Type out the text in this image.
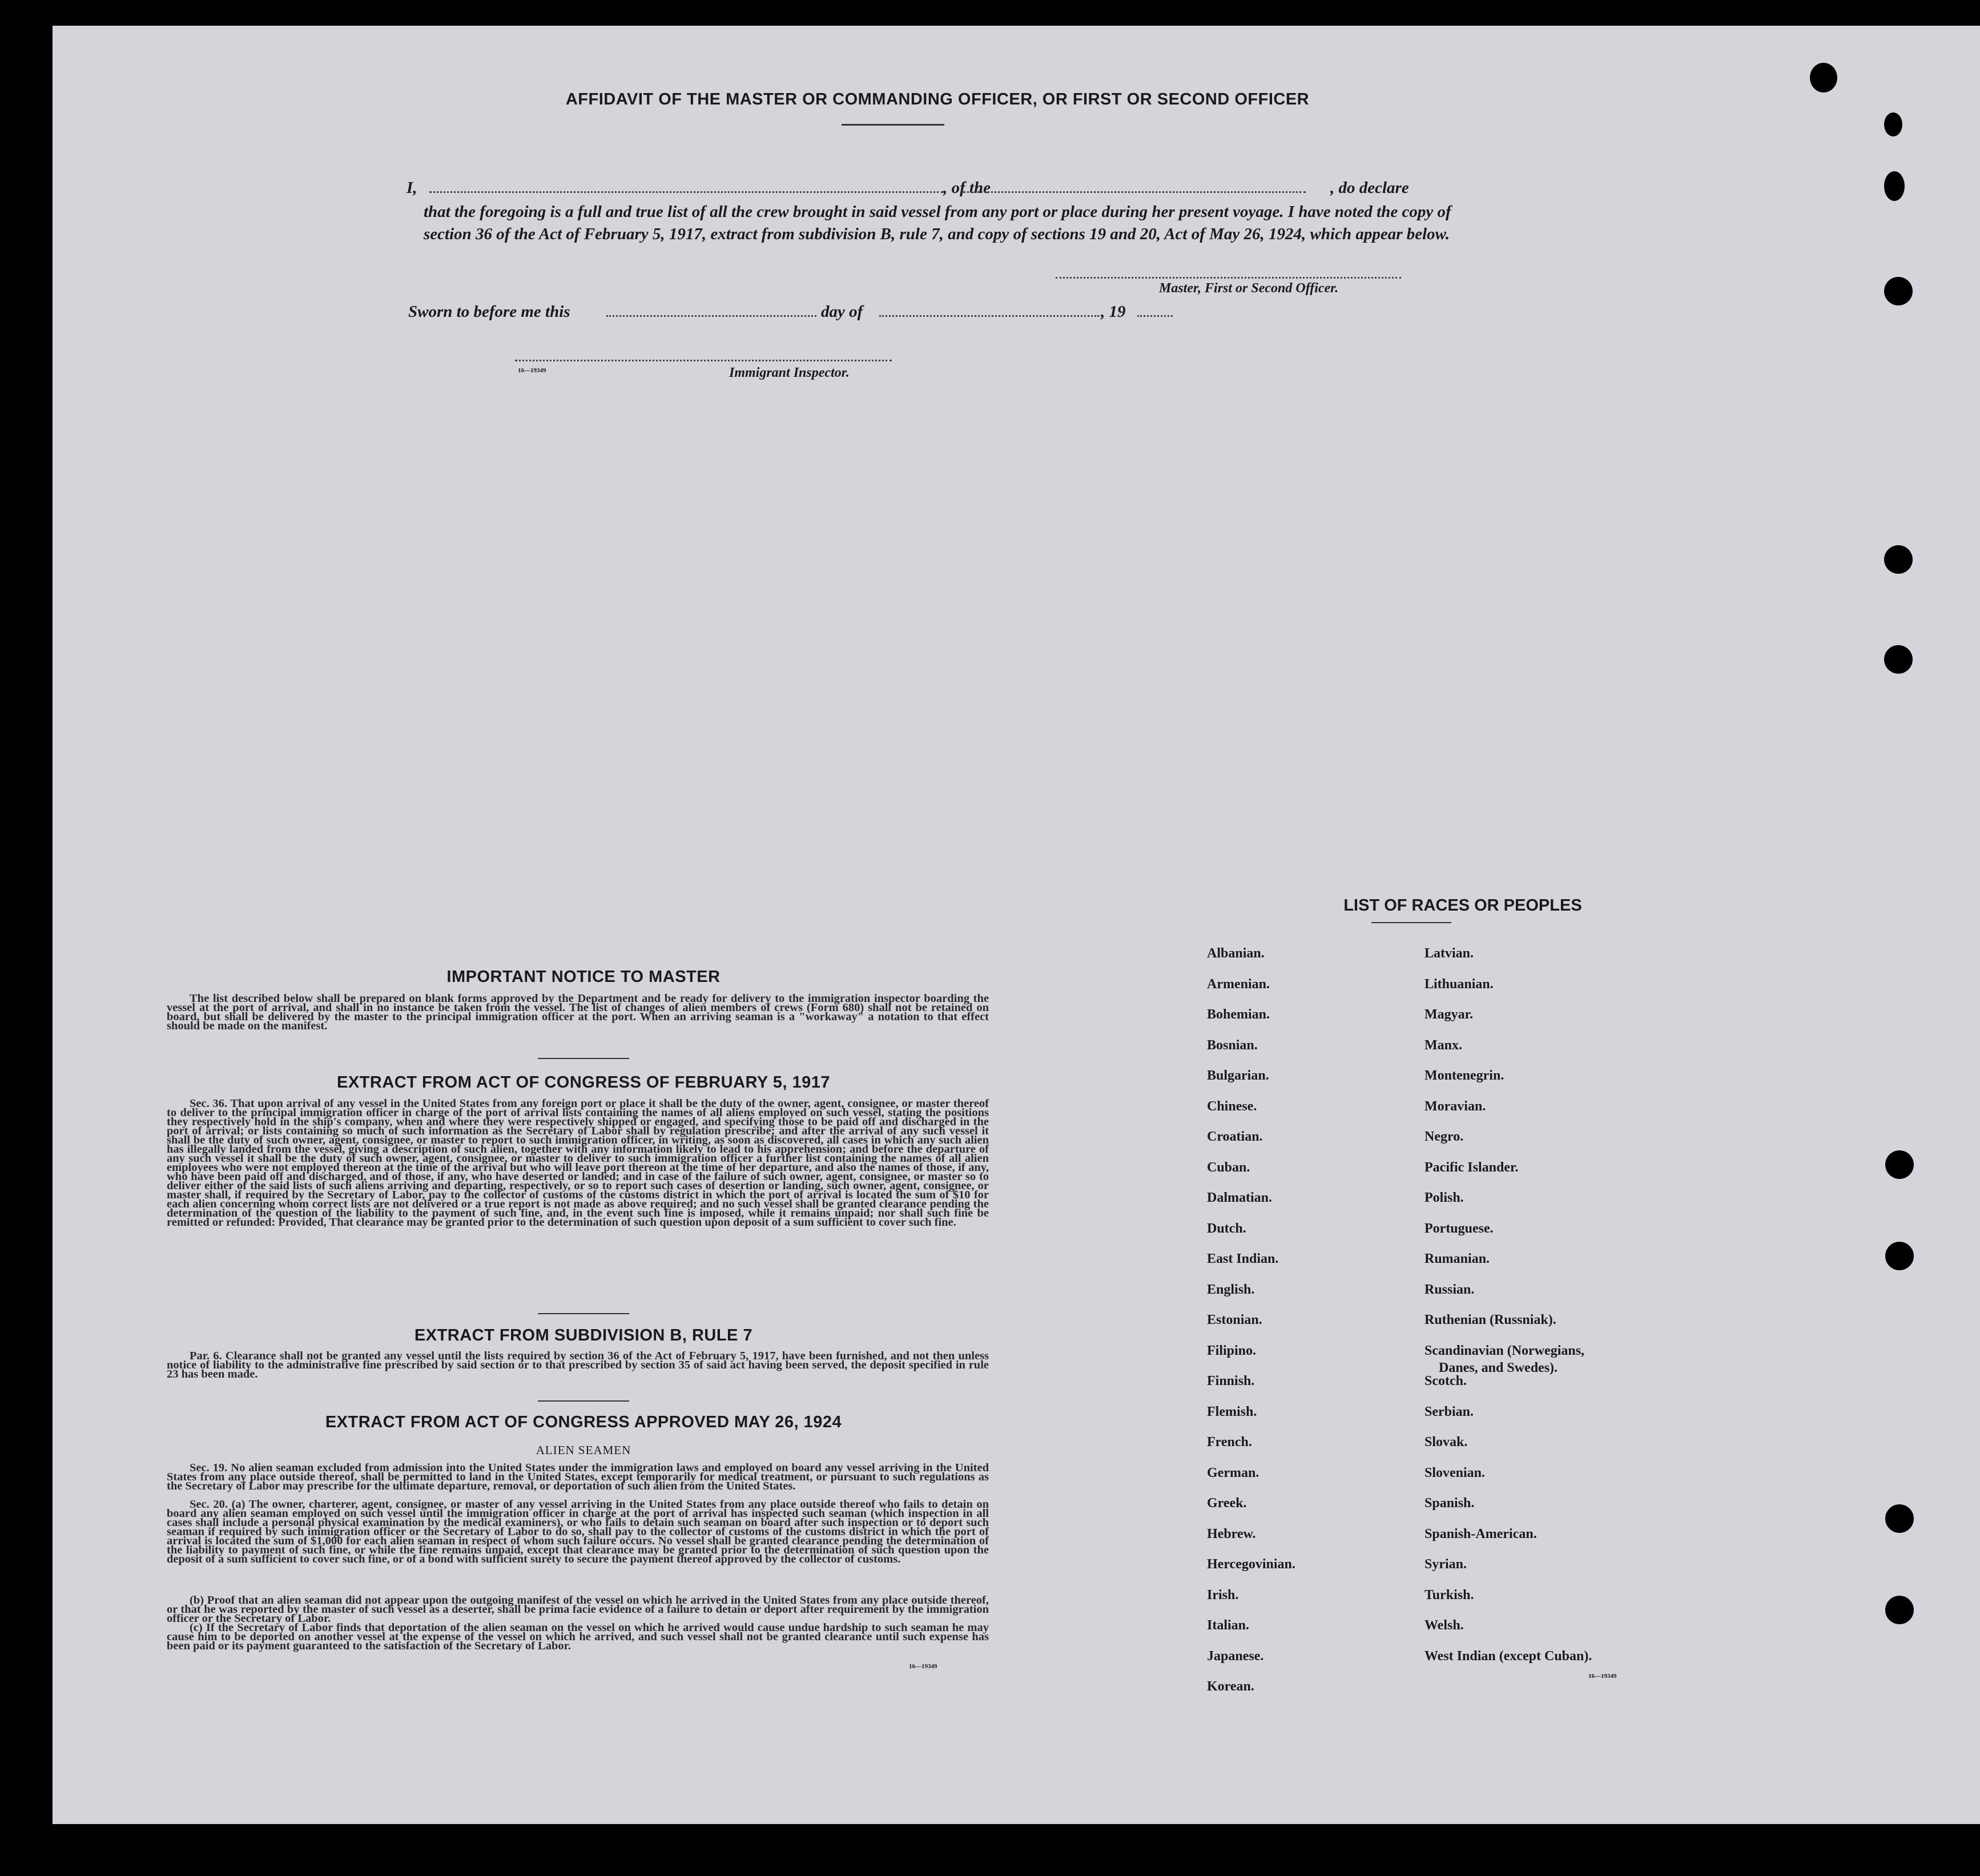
AFFIDAVIT OF THE MASTER OR COMMANDING OFFICER, OR FIRST OR SECOND OFFICER
I,	, of the	, do declare
that the foregoing is a full and true list of all the crew brought in said vessel from any port or place during her present voyage. I have noted the copy of section 36 of the Act of February 5, 1917, extract from subdivision B, rule 7, and copy of sections 19 and 20, Act of May 26, 1924, which appear below.
Master, First or Second Officer.
Sworn to before me this	day of	, 19
16—19349	Immigrant Inspector.
IMPORTANT NOTICE TO MASTER
The list described below shall be prepared on blank forms approved by the Department and be ready for delivery to the immigration inspector boarding the vessel at the port of arrival, and shall in no instance be taken from the vessel. The list of changes of alien members of crews (Form 680) shall not be retained on board, but shall be delivered by the master to the principal immigration officer at the port. When an arriving seaman is a "workaway" a notation to that effect should be made on the manifest.
EXTRACT FROM ACT OF CONGRESS OF FEBRUARY 5, 1917
Sec. 36. That upon arrival of any vessel in the United States from any foreign port or place it shall be the duty of the owner, agent, consignee, or master thereof to deliver to the principal immigration officer in charge of the port of arrival lists containing the names of all aliens employed on such vessel, stating the positions they respectively hold in the ship's company, when and where they were respectively shipped or engaged, and specifying those to be paid off and discharged in the port of arrival; or lists containing so much of such information as the Secretary of Labor shall by regulation prescribe; and after the arrival of any such vessel it shall be the duty of such owner, agent, consignee, or master to report to such immigration officer, in writing, as soon as discovered, all cases in which any such alien has illegally landed from the vessel, giving a description of such alien, together with any information likely to lead to his apprehension; and before the departure of any such vessel it shall be the duty of such owner, agent, consignee, or master to deliver to such immigration officer a further list containing the names of all alien employees who were not employed thereon at the time of the arrival but who will leave port thereon at the time of her departure, and also the names of those, if any, who have been paid off and discharged, and of those, if any, who have deserted or landed; and in case of the failure of such owner, agent, consignee, or master so to deliver either of the said lists of such aliens arriving and departing, respectively, or so to report such cases of desertion or landing, such owner, agent, consignee, or master shall, if required by the Secretary of Labor, pay to the collector of customs of the customs district in which the port of arrival is located the sum of $10 for each alien concerning whom correct lists are not delivered or a true report is not made as above required; and no such vessel shall be granted clearance pending the determination of the question of the liability to the payment of such fine, and, in the event such fine is imposed, while it remains unpaid; nor shall such fine be remitted or refunded: Provided, That clearance may be granted prior to the determination of such question upon deposit of a sum sufficient to cover such fine.
EXTRACT FROM SUBDIVISION B, RULE 7
Par. 6. Clearance shall not be granted any vessel until the lists required by section 36 of the Act of February 5, 1917, have been furnished, and not then unless notice of liability to the administrative fine prescribed by said section or to that prescribed by section 35 of said act having been served, the deposit specified in rule 23 has been made.
EXTRACT FROM ACT OF CONGRESS APPROVED MAY 26, 1924
ALIEN SEAMEN
Sec. 19. No alien seaman excluded from admission into the United States under the immigration laws and employed on board any vessel arriving in the United States from any place outside thereof, shall be permitted to land in the United States, except temporarily for medical treatment, or pursuant to such regulations as the Secretary of Labor may prescribe for the ultimate departure, removal, or deportation of such alien from the United States.
Sec. 20. (a) The owner, charterer, agent, consignee, or master of any vessel arriving in the United States from any place outside thereof who fails to detain on board any alien seaman employed on such vessel until the immigration officer in charge at the port of arrival has inspected such seaman (which inspection in all cases shall include a personal physical examination by the medical examiners), or who fails to detain such seaman on board after such inspection or to deport such seaman if required by such immigration officer or the Secretary of Labor to do so, shall pay to the collector of customs of the customs district in which the port of arrival is located the sum of $1,000 for each alien seaman in respect of whom such failure occurs. No vessel shall be granted clearance pending the determination of the liability to payment of such fine, or while the fine remains unpaid, except that clearance may be granted prior to the determination of such question upon the deposit of a sum sufficient to cover such fine, or of a bond with sufficient surety to secure the payment thereof approved by the collector of customs.
(b) Proof that an alien seaman did not appear upon the outgoing manifest of the vessel on which he arrived in the United States from any place outside thereof, or that he was reported by the master of such vessel as a deserter, shall be prima facie evidence of a failure to detain or deport after requirement by the immigration officer or the Secretary of Labor.
(c) If the Secretary of Labor finds that deportation of the alien seaman on the vessel on which he arrived would cause undue hardship to such seaman he may cause him to be deported on another vessel at the expense of the vessel on which he arrived, and such vessel shall not be granted clearance until such expense has been paid or its payment guaranteed to the satisfaction of the Secretary of Labor.
16—19349
LIST OF RACES OR PEOPLES
Albanian.
Armenian.
Bohemian.
Bosnian.
Bulgarian.
Chinese.
Croatian.
Cuban.
Dalmatian.
Dutch.
East Indian.
English.
Estonian.
Filipino.
Finnish.
Flemish.
French.
German.
Greek.
Hebrew.
Hercegovinian.
Irish.
Italian.
Japanese.
Korean.
Latvian.
Lithuanian.
Magyar.
Manx.
Montenegrin.
Moravian.
Negro.
Pacific Islander.
Polish.
Portuguese.
Rumanian.
Russian.
Ruthenian (Russniak).
Scandinavian (Norwegians,
Danes, and Swedes).
Scotch.
Serbian.
Slovak.
Slovenian.
Spanish.
Spanish-American.
Syrian.
Turkish.
Welsh.
West Indian (except Cuban).
16—19349
